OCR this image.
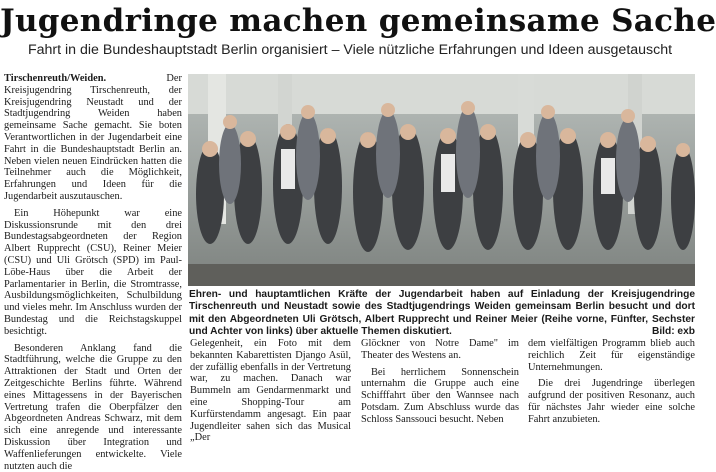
Jugendringe machen gemeinsame Sache
Fahrt in die Bundeshauptstadt Berlin organisiert – Viele nützliche Erfahrungen und Ideen ausgetauscht

Tirschenreuth/Weiden.	Der Kreisjugendring Tirschenreuth, der Kreisjugendring Neustadt und der Stadtjugendring Weiden haben gemeinsame Sache gemacht. Sie boten Verantwortlichen in der Jugendarbeit eine Fahrt in die Bundeshauptstadt Berlin an. Neben vielen neuen Eindrücken hatten die Teilnehmer auch die Möglichkeit, Erfahrungen und Ideen für die Jugendarbeit auszutauschen.

Ein Höhepunkt war eine Diskussionsrunde mit den drei Bundestagsabgeordneten der Region Albert Rupprecht (CSU), Reiner Meier (CSU) und Uli Grötsch (SPD) im Paul-Löbe-Haus über die Arbeit der Parlamentarier in Berlin, die Stromtrasse, Ausbildungsmöglichkeiten, Schulbildung und vieles mehr. Im Anschluss wurden der Bundestag und die Reichstagskuppel besichtigt.

Besonderen Anklang fand die Stadtführung, welche die Gruppe zu den Attraktionen der Stadt und Orten der Zeitgeschichte Berlins führte. Während eines Mittagessens in der Bayerischen Vertretung trafen die Oberpfälzer den Abgeordneten Andreas Schwarz, mit dem sich eine anregende und interessante Diskussion über Integration und Waffenlieferungen entwickelte. Viele nutzten auch die

Ehren- und hauptamtlichen Kräfte der Jugendarbeit haben auf Einladung der Kreisjugendringe Tirschenreuth und Neustadt sowie des Stadtjugendrings Weiden gemeinsam Berlin besucht und dort mit den Abgeordneten Uli Grötsch, Albert Rupprecht und Reiner Meier (Reihe vorne, Fünfter, Sechster und Achter von links) über aktuelle Themen diskutiert.	Bild: exb

Gelegenheit, ein Foto mit dem bekannten Kabarettisten Django Asül, der zufällig ebenfalls in der Vertretung war, zu machen. Danach war Bummeln am Gendarmenmarkt und eine Shopping-Tour am Kurfürstendamm angesagt. Ein paar Jugendleiter sahen sich das Musical „Der

Glöckner von Notre Dame" im Theater des Westens an.

Bei herrlichem Sonnenschein unternahm die Gruppe auch eine Schifffahrt über den Wannsee nach Potsdam. Zum Abschluss wurde das Schloss Sanssouci besucht. Neben

dem vielfältigen Programm blieb auch reichlich Zeit für eigenständige Unternehmungen.

Die drei Jugendringe überlegen aufgrund der positiven Resonanz, auch für nächstes Jahr wieder eine solche Fahrt anzubieten.
